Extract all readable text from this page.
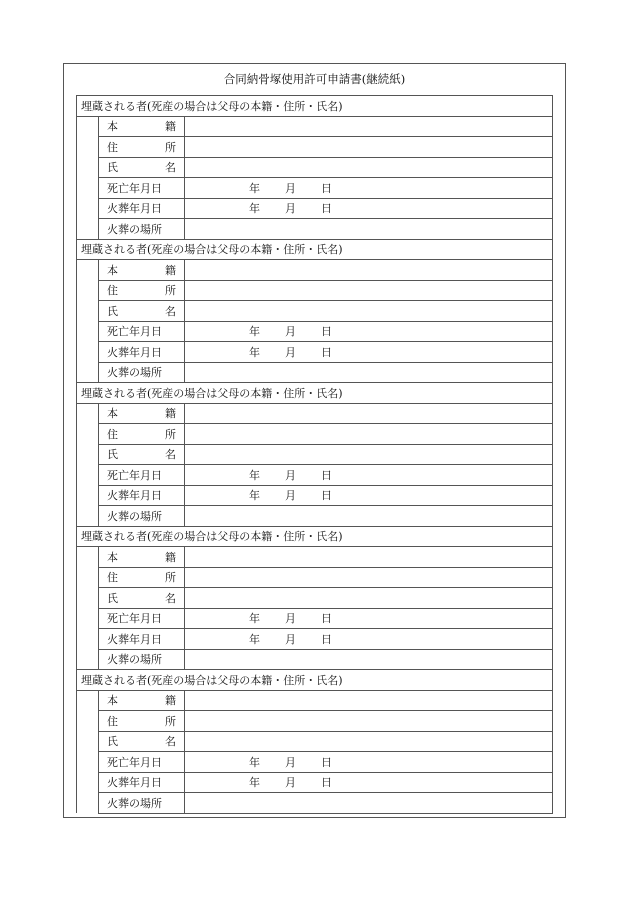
合同納骨塚使用許可申請書(継続紙)
埋蔵される者(死産の場合は父母の本籍・住所・氏名)		

	本 籍	

	住 所	

	氏 名	

	死亡年月日	年 月 日

	火葬年月日	年 月 日

	火葬の場所	
埋蔵される者(死産の場合は父母の本籍・住所・氏名)		

	本 籍	

	住 所	

	氏 名	

	死亡年月日	年 月 日

	火葬年月日	年 月 日

	火葬の場所	
埋蔵される者(死産の場合は父母の本籍・住所・氏名)		

	本 籍	

	住 所	

	氏 名	

	死亡年月日	年 月 日

	火葬年月日	年 月 日

	火葬の場所	
埋蔵される者(死産の場合は父母の本籍・住所・氏名)		

	本 籍	

	住 所	

	氏 名	

	死亡年月日	年 月 日

	火葬年月日	年 月 日

	火葬の場所	
埋蔵される者(死産の場合は父母の本籍・住所・氏名)		

	本 籍	

	住 所	

	氏 名	

	死亡年月日	年 月 日

	火葬年月日	年 月 日

	火葬の場所	
